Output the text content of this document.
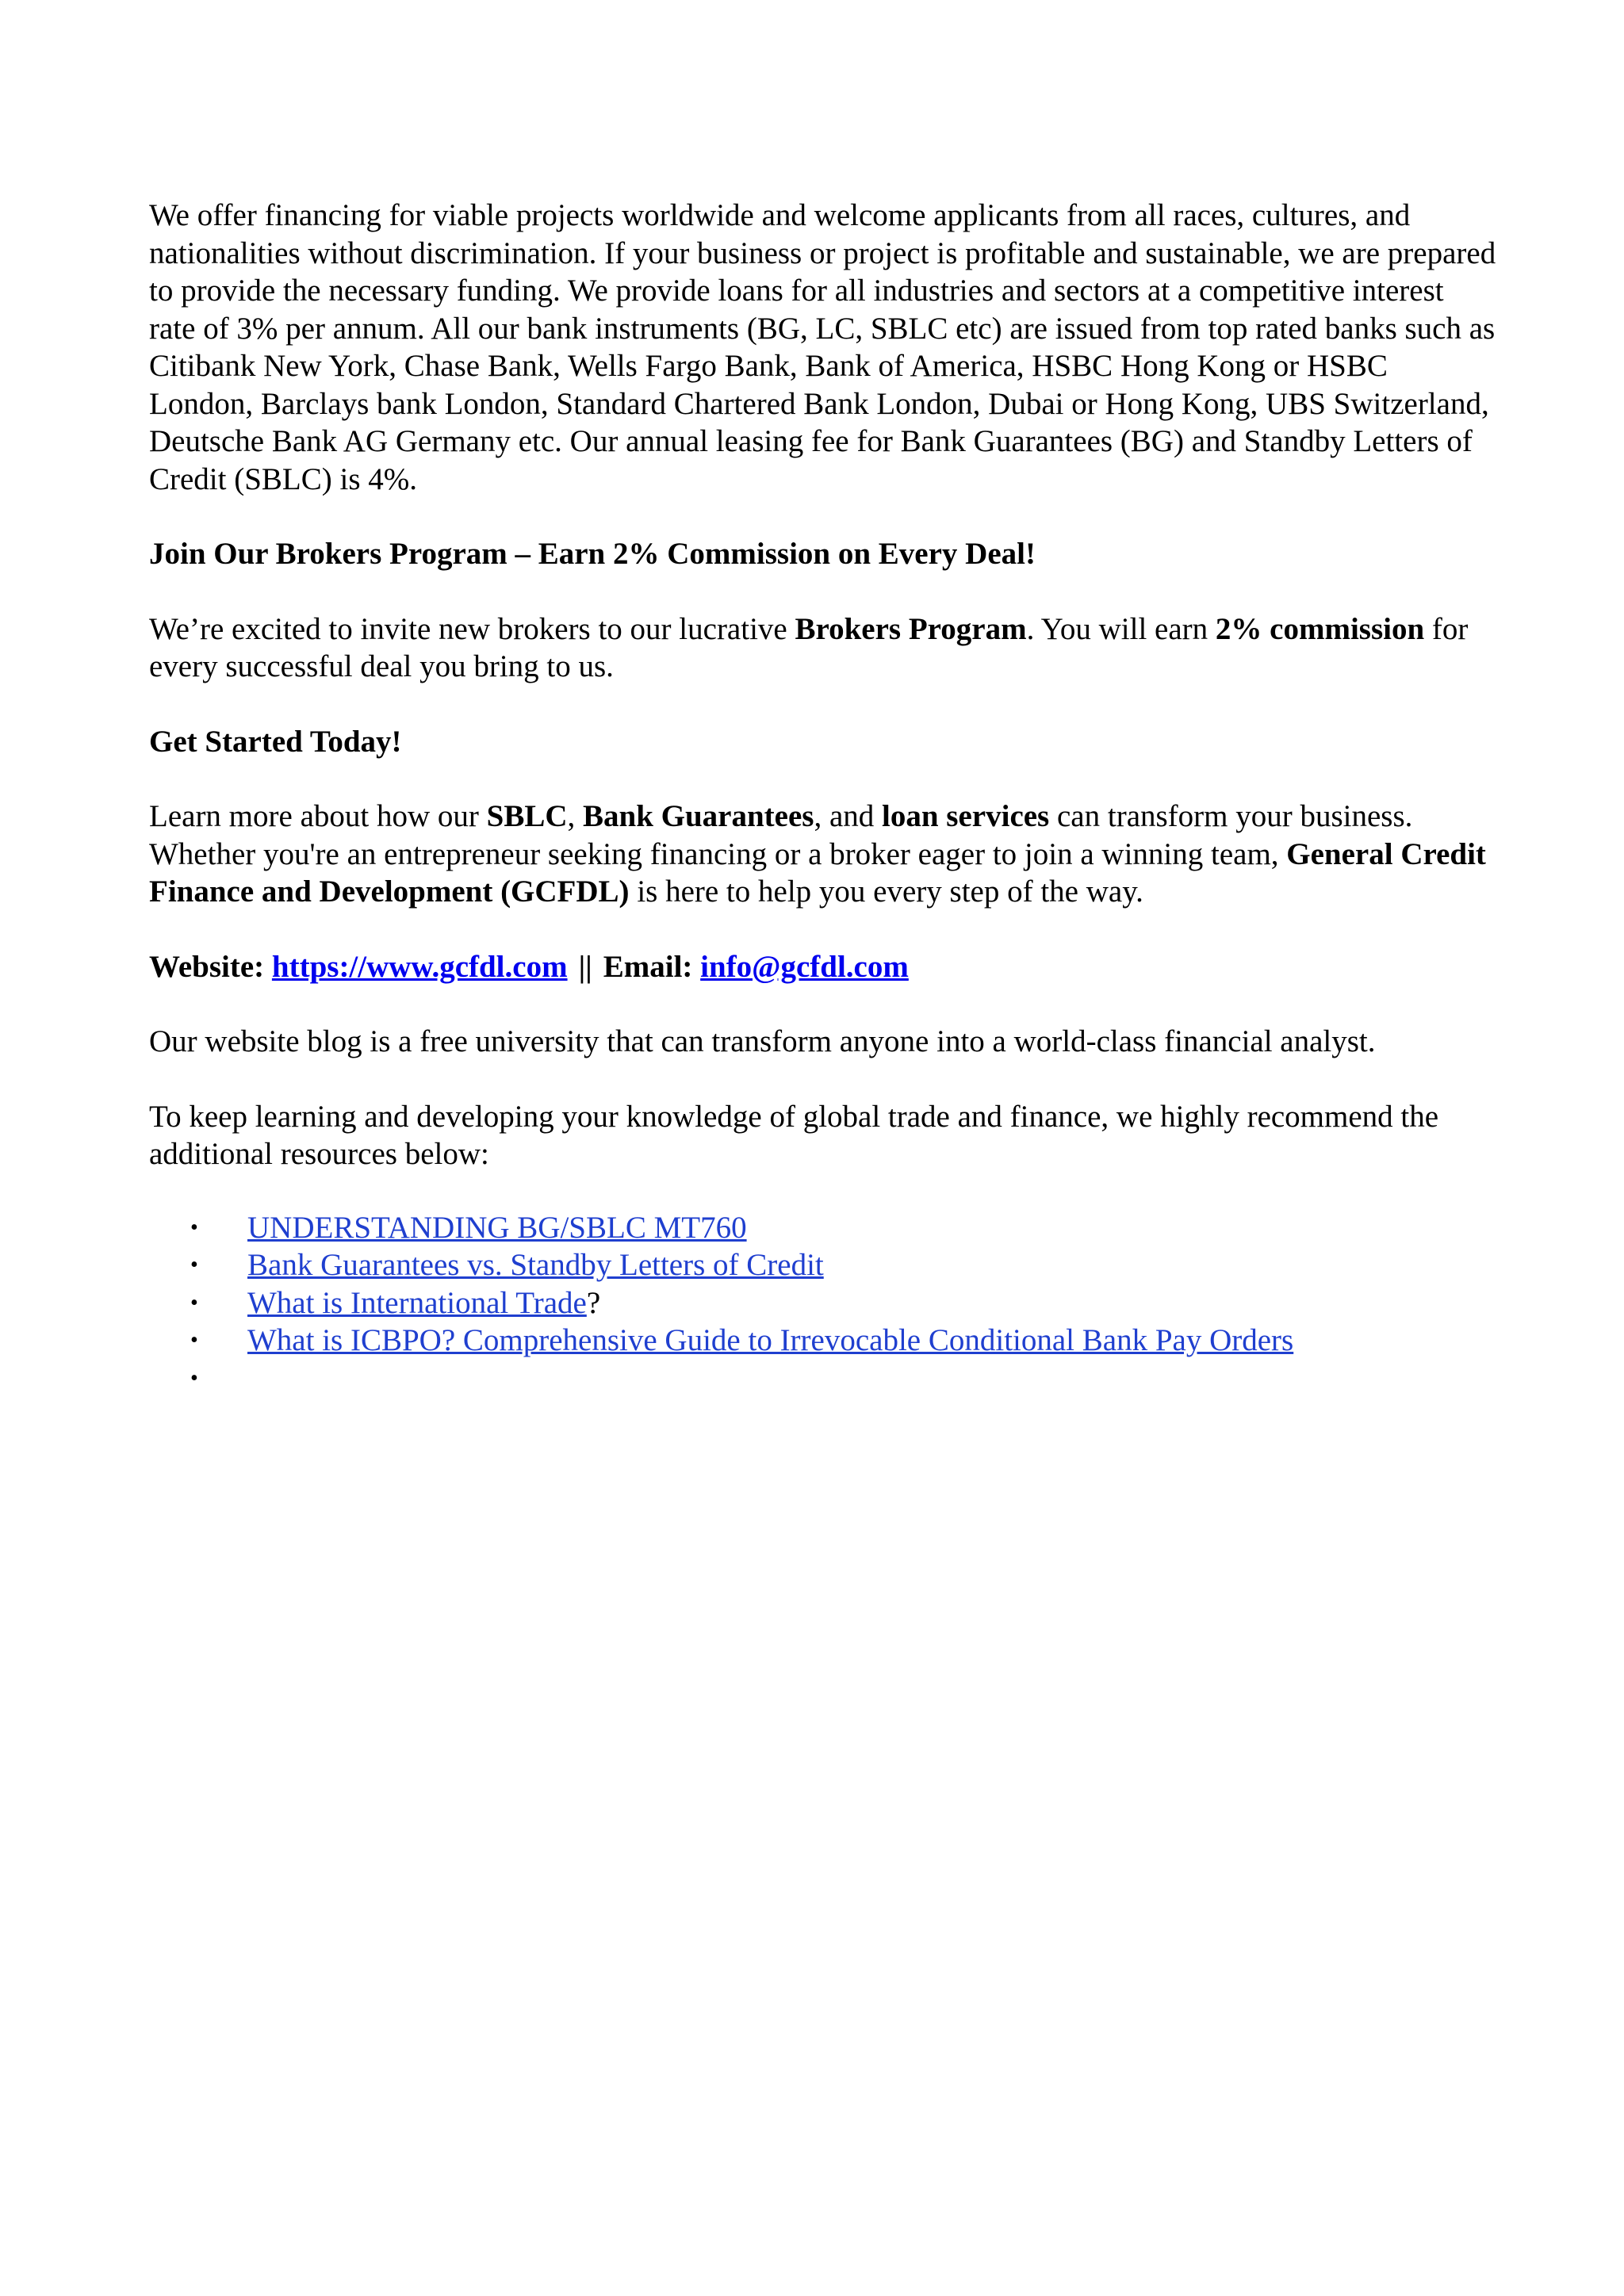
We offer financing for viable projects worldwide and welcome applicants from all races, cultures, and nationalities without discrimination. If your business or project is profitable and sustainable, we are prepared to provide the necessary funding. We provide loans for all industries and sectors at a competitive interest rate of 3% per annum. All our bank instruments (BG, LC, SBLC etc) are issued from top rated banks such as Citibank New York, Chase Bank, Wells Fargo Bank, Bank of America, HSBC Hong Kong or HSBC London, Barclays bank London, Standard Chartered Bank London, Dubai or Hong Kong, UBS Switzerland, Deutsche Bank AG Germany etc. Our annual leasing fee for Bank Guarantees (BG) and Standby Letters of Credit (SBLC) is 4%.

Join Our Brokers Program – Earn 2% Commission on Every Deal!

We’re excited to invite new brokers to our lucrative Brokers Program. You will earn 2% commission for every successful deal you bring to us.

Get Started Today!

Learn more about how our SBLC, Bank Guarantees, and loan services can transform your business. Whether you're an entrepreneur seeking financing or a broker eager to join a winning team, General Credit Finance and Development (GCFDL) is here to help you every step of the way.

Website: https://www.gcfdl.com || Email: info@gcfdl.com

Our website blog is a free university that can transform anyone into a world-class financial analyst.

To keep learning and developing your knowledge of global trade and finance, we highly recommend the additional resources below:

• UNDERSTANDING BG/SBLC MT760
• Bank Guarantees vs. Standby Letters of Credit
• What is International Trade?
• What is ICBPO? Comprehensive Guide to Irrevocable Conditional Bank Pay Orders
•
